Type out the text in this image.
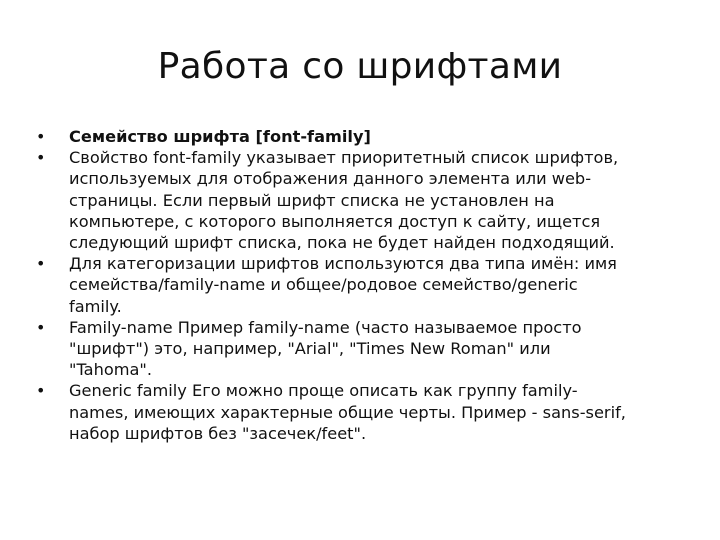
Работа со шрифтами
• Семейство шрифта [font-family]
• Свойство font-family указывает приоритетный список шрифтов,
используемых для отображения данного элемента или web-
страницы. Если первый шрифт списка не установлен на
компьютере, с которого выполняется доступ к сайту, ищется
следующий шрифт списка, пока не будет найден подходящий.
• Для категоризации шрифтов используются два типа имён: имя
семейства/family-name и общее/родовое семейство/generic
family.
• Family-name Пример family-name (часто называемое просто
"шрифт") это, например, "Arial", "Times New Roman" или
"Tahoma".
• Generic family Его можно проще описать как группу family-
names, имеющих характерные общие черты. Пример - sans-serif,
набор шрифтов без "засечек/feet".
